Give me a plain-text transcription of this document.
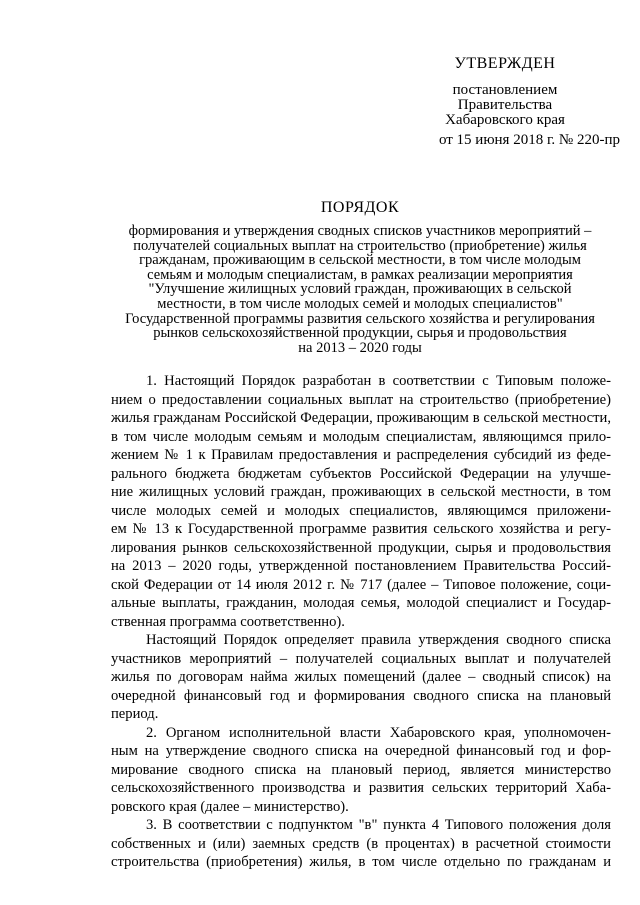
УТВЕРЖДЕН
постановлением
Правительства
Хабаровского края
от 15 июня 2018 г. № 220-пр
ПОРЯДОК
формирования и утверждения сводных списков участников мероприятий –
получателей социальных выплат на строительство (приобретение) жилья
гражданам, проживающим в сельской местности, в том числе молодым
семьям и молодым специалистам, в рамках реализации мероприятия
"Улучшение жилищных условий граждан, проживающих в сельской
местности, в том числе молодых семей и молодых специалистов"
Государственной программы развития сельского хозяйства и регулирования
рынков сельскохозяйственной продукции, сырья и продовольствия
на 2013 – 2020 годы
1. Настоящий Порядок разработан в соответствии с Типовым положе-
нием о предоставлении социальных выплат на строительство (приобретение)
жилья гражданам Российской Федерации, проживающим в сельской местности,
в том числе молодым семьям и молодым специалистам, являющимся прило-
жением № 1 к Правилам предоставления и распределения субсидий из феде-
рального бюджета бюджетам субъектов Российской Федерации на улучше-
ние жилищных условий граждан, проживающих в сельской местности, в том
числе молодых семей и молодых специалистов, являющимся приложени-
ем № 13 к Государственной программе развития сельского хозяйства и регу-
лирования рынков сельскохозяйственной продукции, сырья и продовольствия
на 2013 – 2020 годы, утвержденной постановлением Правительства Россий-
ской Федерации от 14 июля 2012 г. № 717 (далее – Типовое положение, соци-
альные выплаты, гражданин, молодая семья, молодой специалист и Государ-
ственная программа соответственно).
Настоящий Порядок определяет правила утверждения сводного списка
участников мероприятий – получателей социальных выплат и получателей
жилья по договорам найма жилых помещений (далее – сводный список) на
очередной финансовый год и формирования сводного списка на плановый
период.
2. Органом исполнительной власти Хабаровского края, уполномочен-
ным на утверждение сводного списка на очередной финансовый год и фор-
мирование сводного списка на плановый период, является министерство
сельскохозяйственного производства и развития сельских территорий Хаба-
ровского края (далее – министерство).
3. В соответствии с подпунктом "в" пункта 4 Типового положения доля
собственных и (или) заемных средств (в процентах) в расчетной стоимости
строительства (приобретения) жилья, в том числе отдельно по гражданам и
